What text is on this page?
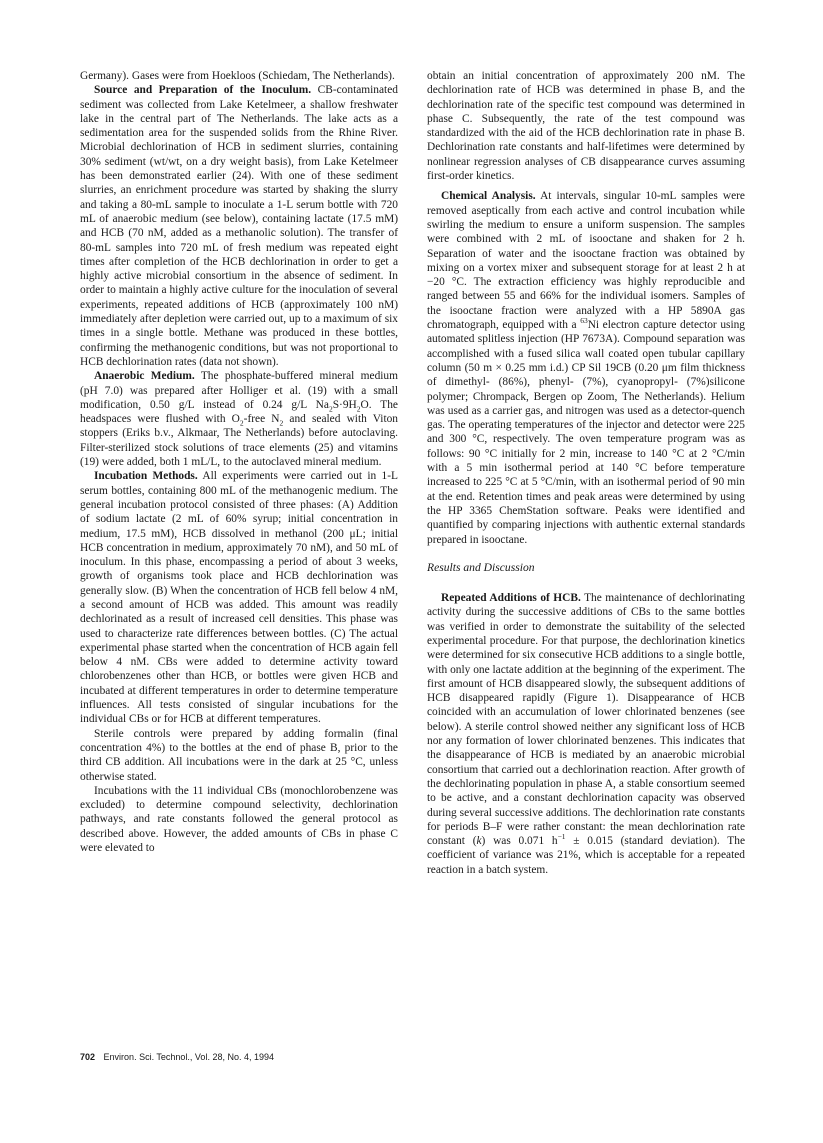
Germany). Gases were from Hoekloos (Schiedam, The Netherlands).

Source and Preparation of the Inoculum. CB-contaminated sediment was collected from Lake Ketelmeer, a shallow freshwater lake in the central part of The Netherlands. The lake acts as a sedimentation area for the suspended solids from the Rhine River. Microbial dechlorination of HCB in sediment slurries, containing 30% sediment (wt/wt, on a dry weight basis), from Lake Ketelmeer has been demonstrated earlier (24). With one of these sediment slurries, an enrichment procedure was started by shaking the slurry and taking a 80-mL sample to inoculate a 1-L serum bottle with 720 mL of anaerobic medium (see below), containing lactate (17.5 mM) and HCB (70 nM, added as a methanolic solution). The transfer of 80-mL samples into 720 mL of fresh medium was repeated eight times after completion of the HCB dechlorination in order to get a highly active microbial consortium in the absence of sediment. In order to maintain a highly active culture for the inoculation of several experiments, repeated additions of HCB (approximately 100 nM) immediately after depletion were carried out, up to a maximum of six times in a single bottle. Methane was produced in these bottles, confirming the methanogenic conditions, but was not proportional to HCB dechlorination rates (data not shown).

Anaerobic Medium. The phosphate-buffered mineral medium (pH 7.0) was prepared after Holliger et al. (19) with a small modification, 0.50 g/L instead of 0.24 g/L $Na_2S\cdot 9H_2O$. The headspaces were flushed with $O_2$-free $N_2$ and sealed with Viton stoppers (Eriks b.v., Alkmaar, The Netherlands) before autoclaving. Filter-sterilized stock solutions of trace elements (25) and vitamins (19) were added, both 1 mL/L, to the autoclaved mineral medium.

Incubation Methods. All experiments were carried out in 1-L serum bottles, containing 800 mL of the methanogenic medium. The general incubation protocol consisted of three phases: (A) Addition of sodium lactate (2 mL of 60% syrup; initial concentration in medium, 17.5 mM), HCB dissolved in methanol (200 μL; initial HCB concentration in medium, approximately 70 nM), and 50 mL of inoculum. In this phase, encompassing a period of about 3 weeks, growth of organisms took place and HCB dechlorination was generally slow. (B) When the concentration of HCB fell below 4 nM, a second amount of HCB was added. This amount was readily dechlorinated as a result of increased cell densities. This phase was used to characterize rate differences between bottles. (C) The actual experimental phase started when the concentration of HCB again fell below 4 nM. CBs were added to determine activity toward chlorobenzenes other than HCB, or bottles were given HCB and incubated at different temperatures in order to determine temperature influences. All tests consisted of singular incubations for the individual CBs or for HCB at different temperatures.

Sterile controls were prepared by adding formalin (final concentration 4%) to the bottles at the end of phase B, prior to the third CB addition. All incubations were in the dark at 25 °C, unless otherwise stated.

Incubations with the 11 individual CBs (monochlorobenzene was excluded) to determine compound selectivity, dechlorination pathways, and rate constants followed the general protocol as described above. However, the added amounts of CBs in phase C were elevated to

obtain an initial concentration of approximately 200 nM. The dechlorination rate of HCB was determined in phase B, and the dechlorination rate of the specific test compound was determined in phase C. Subsequently, the rate of the test compound was standardized with the aid of the HCB dechlorination rate in phase B. Dechlorination rate constants and half-lifetimes were determined by nonlinear regression analyses of CB disappearance curves assuming first-order kinetics.

Chemical Analysis. At intervals, singular 10-mL samples were removed aseptically from each active and control incubation while swirling the medium to ensure a uniform suspension. The samples were combined with 2 mL of isooctane and shaken for 2 h. Separation of water and the isooctane fraction was obtained by mixing on a vortex mixer and subsequent storage for at least 2 h at −20 °C. The extraction efficiency was highly reproducible and ranged between 55 and 66% for the individual isomers. Samples of the isooctane fraction were analyzed with a HP 5890A gas chromatograph, equipped with a $^{63}$Ni electron capture detector using automated splitless injection (HP 7673A). Compound separation was accomplished with a fused silica wall coated open tubular capillary column (50 m × 0.25 mm i.d.) CP Sil 19CB (0.20 μm film thickness of dimethyl- (86%), phenyl- (7%), cyanopropyl- (7%)silicone polymer; Chrompack, Bergen op Zoom, The Netherlands). Helium was used as a carrier gas, and nitrogen was used as a detector-quench gas. The operating temperatures of the injector and detector were 225 and 300 °C, respectively. The oven temperature program was as follows: 90 °C initially for 2 min, increase to 140 °C at 2 °C/min with a 5 min isothermal period at 140 °C before temperature increased to 225 °C at 5 °C/min, with an isothermal period of 90 min at the end. Retention times and peak areas were determined by using the HP 3365 ChemStation software. Peaks were identified and quantified by comparing injections with authentic external standards prepared in isooctane.

Results and Discussion

Repeated Additions of HCB. The maintenance of dechlorinating activity during the successive additions of CBs to the same bottles was verified in order to demonstrate the suitability of the selected experimental procedure. For that purpose, the dechlorination kinetics were determined for six consecutive HCB additions to a single bottle, with only one lactate addition at the beginning of the experiment. The first amount of HCB disappeared slowly, the subsequent additions of HCB disappeared rapidly (Figure 1). Disappearance of HCB coincided with an accumulation of lower chlorinated benzenes (see below). A sterile control showed neither any significant loss of HCB nor any formation of lower chlorinated benzenes. This indicates that the disappearance of HCB is mediated by an anaerobic microbial consortium that carried out a dechlorination reaction. After growth of the dechlorinating population in phase A, a stable consortium seemed to be active, and a constant dechlorination capacity was observed during several successive additions. The dechlorination rate constants for periods B–F were rather constant: the mean dechlorination rate constant (k) was 0.071 $h^{-1} \pm 0.015$ (standard deviation). The coefficient of variance was 21%, which is acceptable for a repeated reaction in a batch system.

702 Environ. Sci. Technol., Vol. 28, No. 4, 1994
